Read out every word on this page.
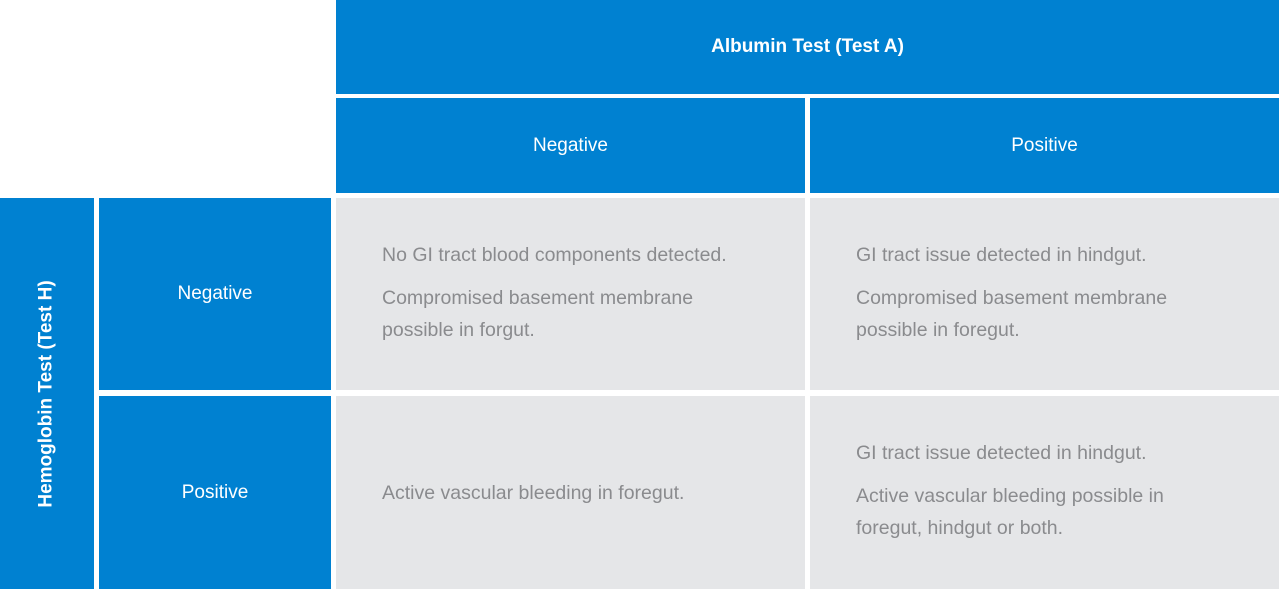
Albumin Test (Test A)
Negative	Positive
Hemoglobin Test (Test H)	Negative
Positive

No GI tract blood components detected.

Compromised basement membrane possible in forgut.

GI tract issue detected in hindgut.

Compromised basement membrane possible in foregut.

Active vascular bleeding in foregut.

GI tract issue detected in hindgut.

Active vascular bleeding possible in foregut, hindgut or both.
